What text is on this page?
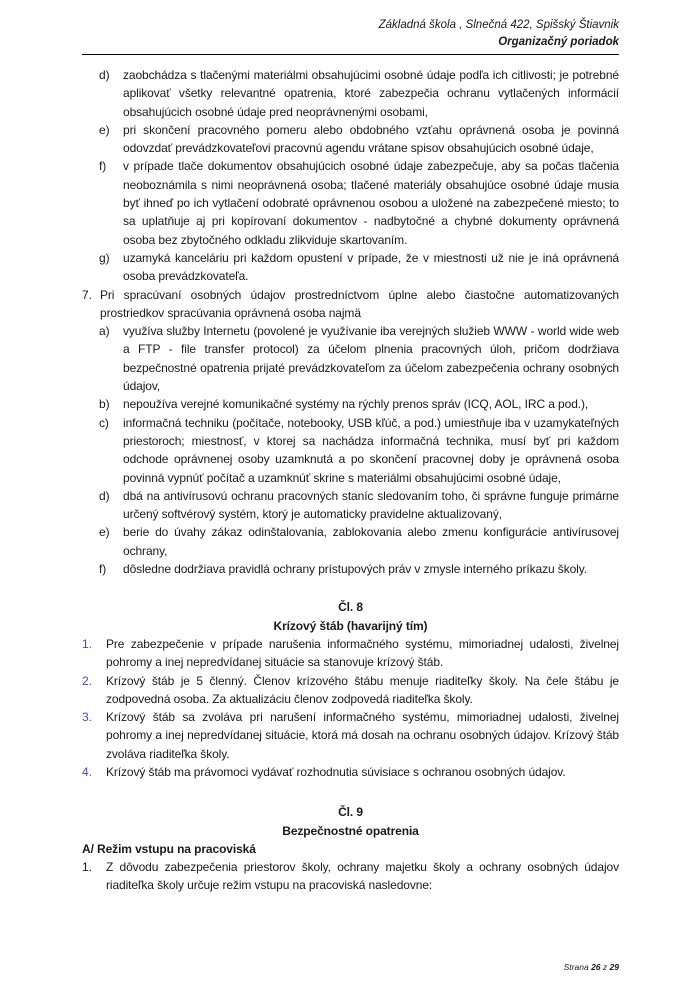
Základná škola , Slnečná 422, Spišský Štiavnik
Organizačný poriadok
d)	zaobchádza s tlačenými materiálmi obsahujúcimi osobné údaje podľa ich citlivosti; je potrebné aplikovať všetky relevantné opatrenia, ktoré zabezpečia ochranu vytlačených informácií obsahujúcich osobné údaje pred neoprávnenými osobami,
e)	pri skončení pracovného pomeru alebo obdobného vzťahu oprávnená osoba je povinná odovzdať prevádzkovateľovi pracovnú agendu vrátane spisov obsahujúcich osobné údaje,
f)	v prípade tlače dokumentov obsahujúcich osobné údaje zabezpečuje, aby sa počas tlačenia neoboznámila s nimi neoprávnená osoba; tlačené materiály obsahujúce osobné údaje musia byť ihneď po ich vytlačení odobraté oprávnenou osobou a uložené na zabezpečené miesto; to sa uplatňuje aj pri kopírovaní dokumentov - nadbytočné a chybné dokumenty oprávnená osoba bez zbytočného odkladu zlikviduje skartovaním.
g)	uzamyká kanceláriu pri každom opustení v prípade, že v miestnosti už nie je iná oprávnená osoba prevádzkovateľa.
7. Pri spracúvaní osobných údajov prostredníctvom úplne alebo čiastočne automatizovaných prostriedkov spracúvania oprávnená osoba najmä
a)	využíva služby Internetu (povolené je využívanie iba verejných služieb WWW - world wide web a FTP - file transfer protocol) za účelom plnenia pracovných úloh, pričom dodržiava bezpečnostné opatrenia prijaté prevádzkovateľom za účelom zabezpečenia ochrany osobných údajov,
b)	nepoužíva verejné komunikačné systémy na rýchly prenos správ (ICQ, AOL, IRC a pod.),
c)	informačná techniku (počítače, notebooky, USB kľúč, a pod.) umiestňuje iba v uzamykateľných priestoroch; miestnosť, v ktorej sa nachádza informačná technika, musí byť pri každom odchode oprávnenej osoby uzamknutá a po skončení pracovnej doby je oprávnená osoba povinná vypnúť počítač a uzamknúť skrine s materiálmi obsahujúcimi osobné údaje,
d)	dbá na antivírusovú ochranu pracovných staníc sledovaním toho, či správne funguje primárne určený softvérový systém, ktorý je automaticky pravidelne aktualizovaný,
e)	berie do úvahy zákaz odinštalovania, zablokovania alebo zmenu konfigurácie antivírusovej ochrany,
f)	dôsledne dodržiava pravidlá ochrany prístupových práv v zmysle interného príkazu školy.
Čl. 8
Krízový štáb (havarijný tím)
1.	Pre zabezpečenie v prípade narušenia informačného systému, mimoriadnej udalosti, živelnej pohromy a inej nepredvídanej situácie sa stanovuje krízový štáb.
2.	Krízový štáb je 5 členný. Členov krízového štábu menuje riaditeľky školy. Na čele štábu je zodpovedná osoba. Za aktualizáciu členov zodpovedá riaditeľka školy.
3.	Krízový štáb sa zvoláva pri narušení informačného systému, mimoriadnej udalosti, živelnej pohromy a inej nepredvídanej situácie, ktorá má dosah na ochranu osobných údajov. Krízový štáb zvoláva riaditeľka školy.
4.	Krízový štáb ma právomoci vydávať rozhodnutia súvisiace s ochranou osobných údajov.
Čl. 9
Bezpečnostné opatrenia
A/ Režim vstupu na pracoviská
1.	Z dôvodu zabezpečenia priestorov školy, ochrany majetku školy a ochrany osobných údajov riaditeľka školy určuje režim vstupu na pracoviská nasledovne:
Strana 26 z 29
